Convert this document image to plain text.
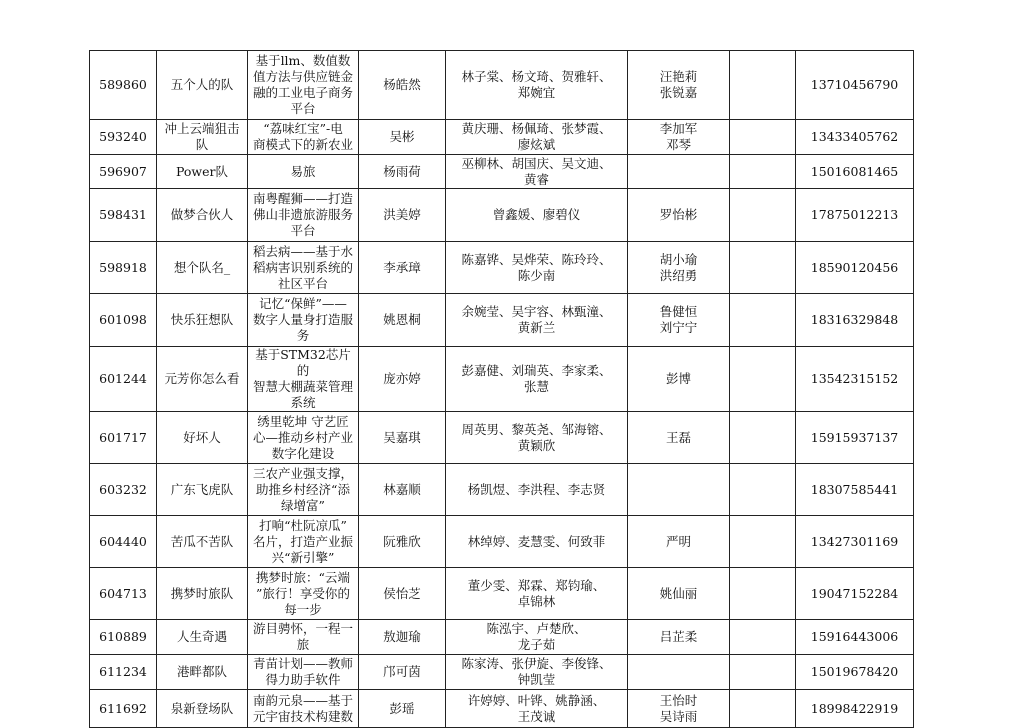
589860	五个人的队	基于llm、数值数
值方法与供应链金
融的工业电子商务
平台	杨皓然	林子棠、杨文琦、贺雅轩、
郑婉宜	汪艳莉
张锐嘉		13710456790

593240	冲上云端狙击
队	“荔味红宝”-电
商模式下的新农业	吴彬	黄庆珊、杨佩琦、张梦霞、
廖炫斌	李加军
邓琴		13433405762

596907	Power队	易旅	杨雨荷	巫柳林、胡国庆、吴文迪、
黄睿			15016081465

598431	做梦合伙人	南粤醒狮——打造
佛山非遗旅游服务
平台	洪美婷	曾鑫媛、廖碧仪	罗怡彬		17875012213

598918	想个队名_	稻去病——基于水
稻病害识别系统的
社区平台	李承璋	陈嘉铧、吴烨荣、陈玲玲、
陈少南	胡小瑜
洪绍勇		18590120456

601098	快乐狂想队	记忆“保鲜”——
数字人量身打造服
务	姚恩桐	余婉莹、吴宇容、林甄潼、
黄新兰	鲁健恒
刘宁宁		18316329848

601244	元芳你怎么看	基于STM32芯片的
智慧大棚蔬菜管理
系统	庞亦婷	彭嘉健、刘瑞英、李家柔、
张慧	彭博		13542315152

601717	好坏人	绣里乾坤 守艺匠
心—推动乡村产业
数字化建设	吴嘉琪	周英男、黎英尧、邹海镕、
黄颖欣	王磊		15915937137

603232	广东飞虎队	三农产业强支撑，
助推乡村经济“添
绿增富”	林嘉顺	杨凯煜、李洪程、李志贤			18307585441

604440	苦瓜不苦队	打响“杜阮凉瓜”
名片，打造产业振
兴“新引擎”	阮雅欣	林绰婷、麦慧雯、何致菲	严明		13427301169

604713	携梦时旅队	携梦时旅：“云端
”旅行！享受你的
每一步	侯怡芝	董少雯、郑霖、郑钧瑜、
卓锦林	姚仙丽		19047152284

610889	人生奇遇	游目骋怀，一程一
旅	敖迦瑜	陈泓宇、卢楚欣、
龙子茹	吕芷柔		15916443006

611234	港畔都队	青苗计划——教师
得力助手软件	邝可茵	陈家涛、张伊旋、李俊锋、
钟凯莹			15019678420

611692	泉新登场队	南韵元泉——基于
元宇宙技术构建数	彭瑶	许婷婷、叶铧、姚静涵、
王茂诚	王怡时
吴诗雨		18998422919
